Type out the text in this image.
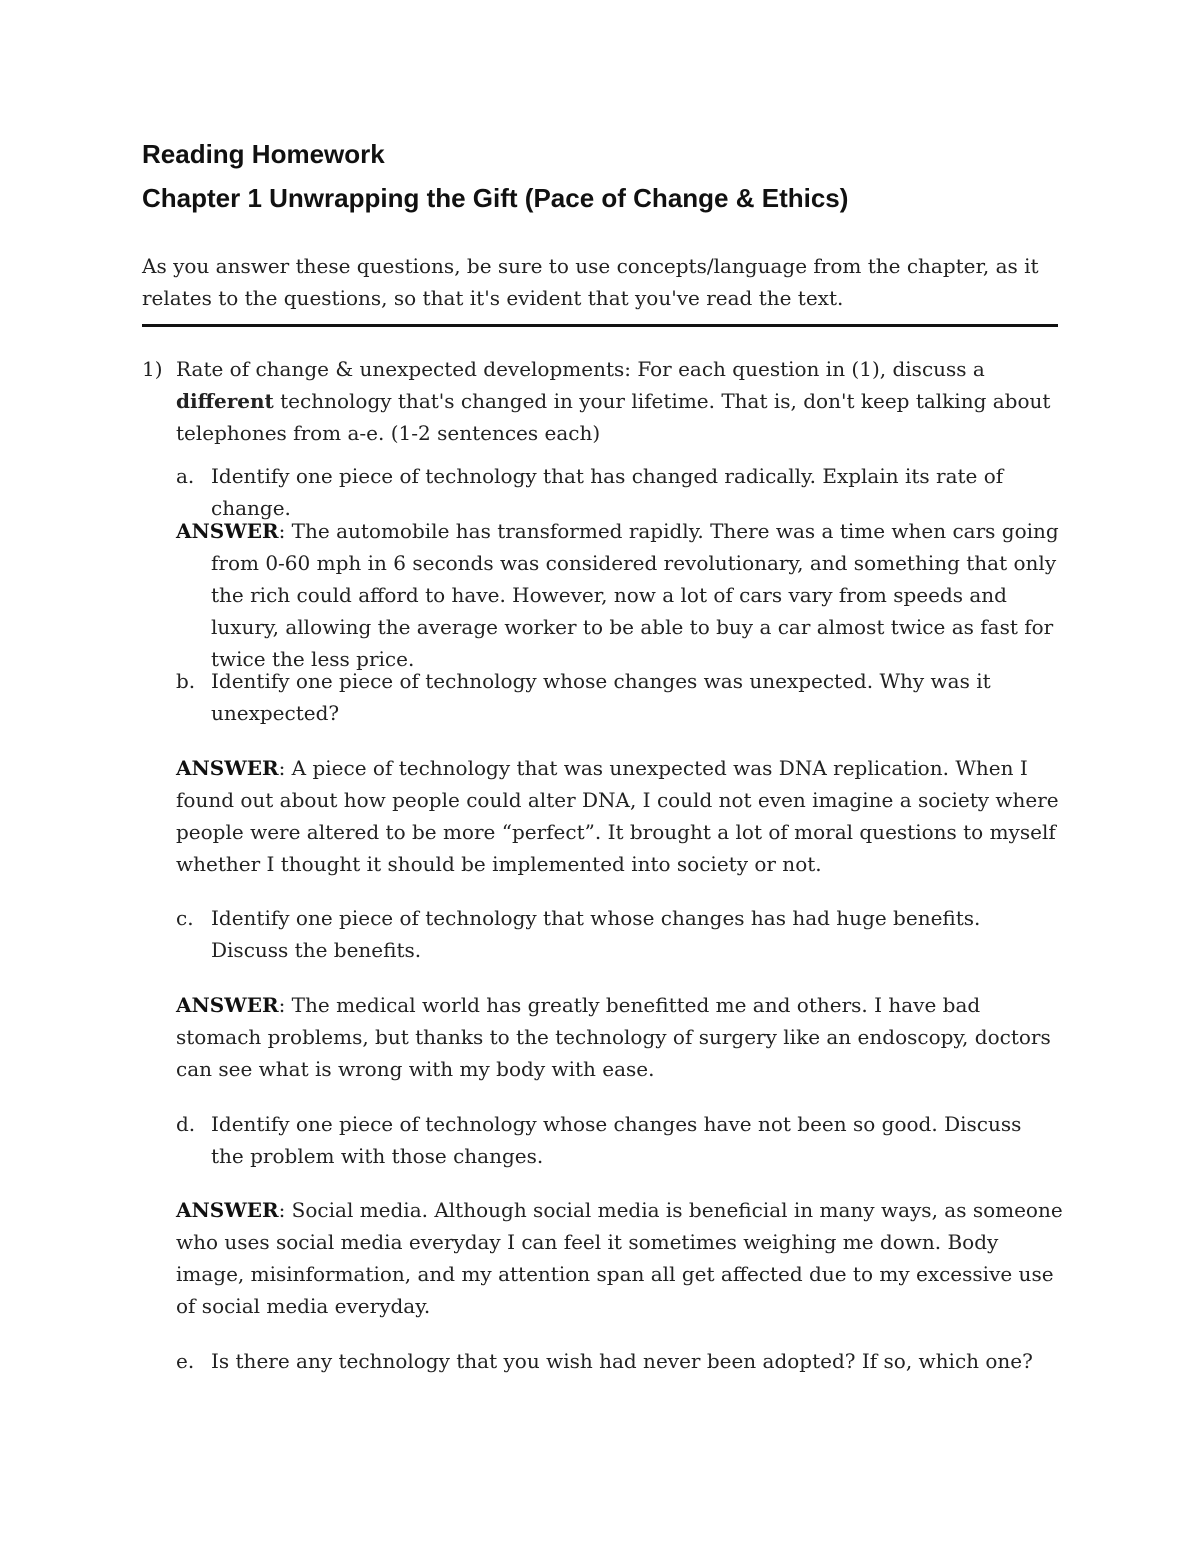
Reading Homework
Chapter 1 Unwrapping the Gift (Pace of Change & Ethics)

As you answer these questions, be sure to use concepts/language from the chapter, as it relates to the questions, so that it's evident that you've read the text.

1) Rate of change & unexpected developments: For each question in (1), discuss a different technology that's changed in your lifetime. That is, don't keep talking about telephones from a-e. (1-2 sentences each)
a. Identify one piece of technology that has changed radically. Explain its rate of change.
ANSWER: The automobile has transformed rapidly. There was a time when cars going from 0-60 mph in 6 seconds was considered revolutionary, and something that only the rich could afford to have. However, now a lot of cars vary from speeds and luxury, allowing the average worker to be able to buy a car almost twice as fast for twice the less price.
b. Identify one piece of technology whose changes was unexpected. Why was it unexpected?
ANSWER: A piece of technology that was unexpected was DNA replication. When I found out about how people could alter DNA, I could not even imagine a society where people were altered to be more “perfect”. It brought a lot of moral questions to myself whether I thought it should be implemented into society or not.
c. Identify one piece of technology that whose changes has had huge benefits. Discuss the benefits.
ANSWER: The medical world has greatly benefitted me and others. I have bad stomach problems, but thanks to the technology of surgery like an endoscopy, doctors can see what is wrong with my body with ease.
d. Identify one piece of technology whose changes have not been so good. Discuss the problem with those changes.
ANSWER: Social media. Although social media is beneficial in many ways, as someone who uses social media everyday I can feel it sometimes weighing me down. Body image, misinformation, and my attention span all get affected due to my excessive use of social media everyday.
e. Is there any technology that you wish had never been adopted? If so, which one?
